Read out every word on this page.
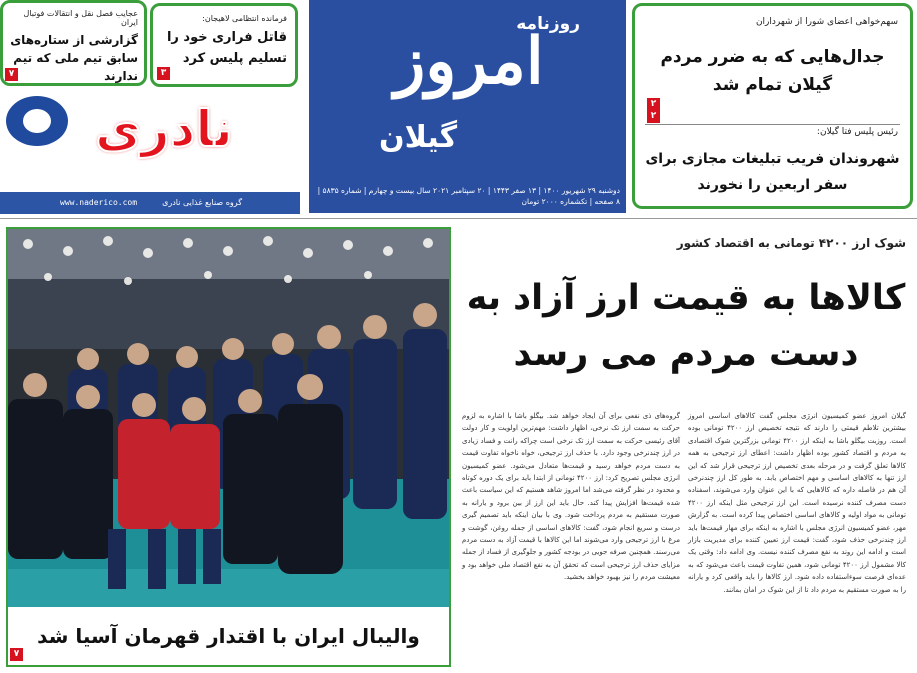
عجایب فصل نقل و انتقالات فوتبال ایران
گزارشی از ستاره‌های سابق تیم ملی که تیم ندارند
۷
فرمانده انتظامی لاهیجان:
قاتل فراری خود را تسلیم پلیس کرد
۳
روزنامه
امروز
گیلان
دوشنبه ۲۹ شهریور ۱۴۰۰ | ۱۳ صفر ۱۴۴۳ | ۲۰ سپتامبر ۲۰۲۱ سال بیست و چهارم | شماره ۵۸۳۵ | ۸ صفحه | تکشماره ۲۰۰۰ تومان
نادری
www.naderico.com	گروه صنایع غذایی نادری
سهم‌خواهی اعضای شورا از شهرداران
جدال‌هایی که به ضرر مردم گیلان تمام شد
۲
۲
رئیس پلیس فتا گیلان:
شهروندان فریب تبلیغات مجازی برای سفر اربعین را نخورند
والیبال ایران با اقتدار قهرمان آسیا شد
۷
شوک ارز ۴۲۰۰ تومانی به اقتصاد کشور
کالاها به قیمت ارز آزاد به دست مردم می رسد
گیلان امروز عضو کمیسیون انرژی مجلس گفت کالاهای اساسی امروز بیشترین تلاطم قیمتی را دارند که نتیجه تخصیص ارز ۴۲۰۰ تومانی بوده است. روزبت بیگلو باشا به اینکه ارز ۴۲۰۰ تومانی بزرگترین شوک اقتصادی به مردم و اقتصاد کشور بوده اظهار داشت: اعطای ارز ترجیحی به همه کالاها تعلق گرفت و در مرحله بعدی تخصیص ارز ترجیحی قرار شد که این ارز تنها به کالاهای اساسی و مهم اختصاص یابد. به طور کل ارز چندنرخی آن هم در فاصله داره که کالاهایی که با این عنوان وارد می‌شوند، اسفناده دست مصرف کننده نرسیده است. این ارز ترجیحی مثل اینکه ارز ۴۲۰۰ تومانی به مواد اولیه و کالاهای اساسی اختصاص پیدا کرده است. به گزارش مهر، عضو کمیسیون انرژی مجلس با اشاره به اینکه برای مهار قیمت‌ها باید ارز چندنرخی حذف شود، گفت: قیمت ارز تعیین کننده برای مدیریت بازار است و ادامه این روند به نفع مصرف کننده نیست. وی ادامه داد: وقتی یک کالا مشمول ارز ۴۲۰۰ تومانی شود، همین تفاوت قیمت باعث می‌شود که به عده‌ای فرصت سوءاستفاده داده شود. ارز کالاها را باید واقعی کرد و یارانه را به صورت مستقیم به مردم داد تا از این شوک در امان بمانند.
گروه‌های ذی نفعی برای آن ایجاد خواهد شد. بیگلو باشا با اشاره به لزوم حرکت به سمت ارز تک نرخی، اظهار داشت: مهم‌ترین اولویت و کار دولت آقای رئیسی حرکت به سمت ارز تک نرخی است چراکه رانت و فساد زیادی در ارز چندنرخی وجود دارد. با حذف ارز ترجیحی، خواه ناخواه تفاوت قیمت به دست مردم خواهد رسید و قیمت‌ها متعادل می‌شود. عضو کمیسیون انرژی مجلس تصریح کرد: ارز ۴۲۰۰ تومانی از ابتدا باید برای یک دوره کوتاه و محدود در نظر گرفته می‌شد اما امروز شاهد هستیم که این سیاست باعث شده قیمت‌ها افزایش پیدا کند. حال باید این ارز از بین برود و یارانه به صورت مستقیم به مردم پرداخت شود. وی با بیان اینکه باید تصمیم گیری درست و سریع انجام شود، گفت: کالاهای اساسی از جمله روغن، گوشت و مرغ با ارز ترجیحی وارد می‌شوند اما این کالاها با قیمت آزاد به دست مردم می‌رسند. همچنین صرفه جویی در بودجه کشور و جلوگیری از فساد از جمله مزایای حذف ارز ترجیحی است که تحقق آن به نفع اقتصاد ملی خواهد بود و معیشت مردم را نیز بهبود خواهد بخشید.
